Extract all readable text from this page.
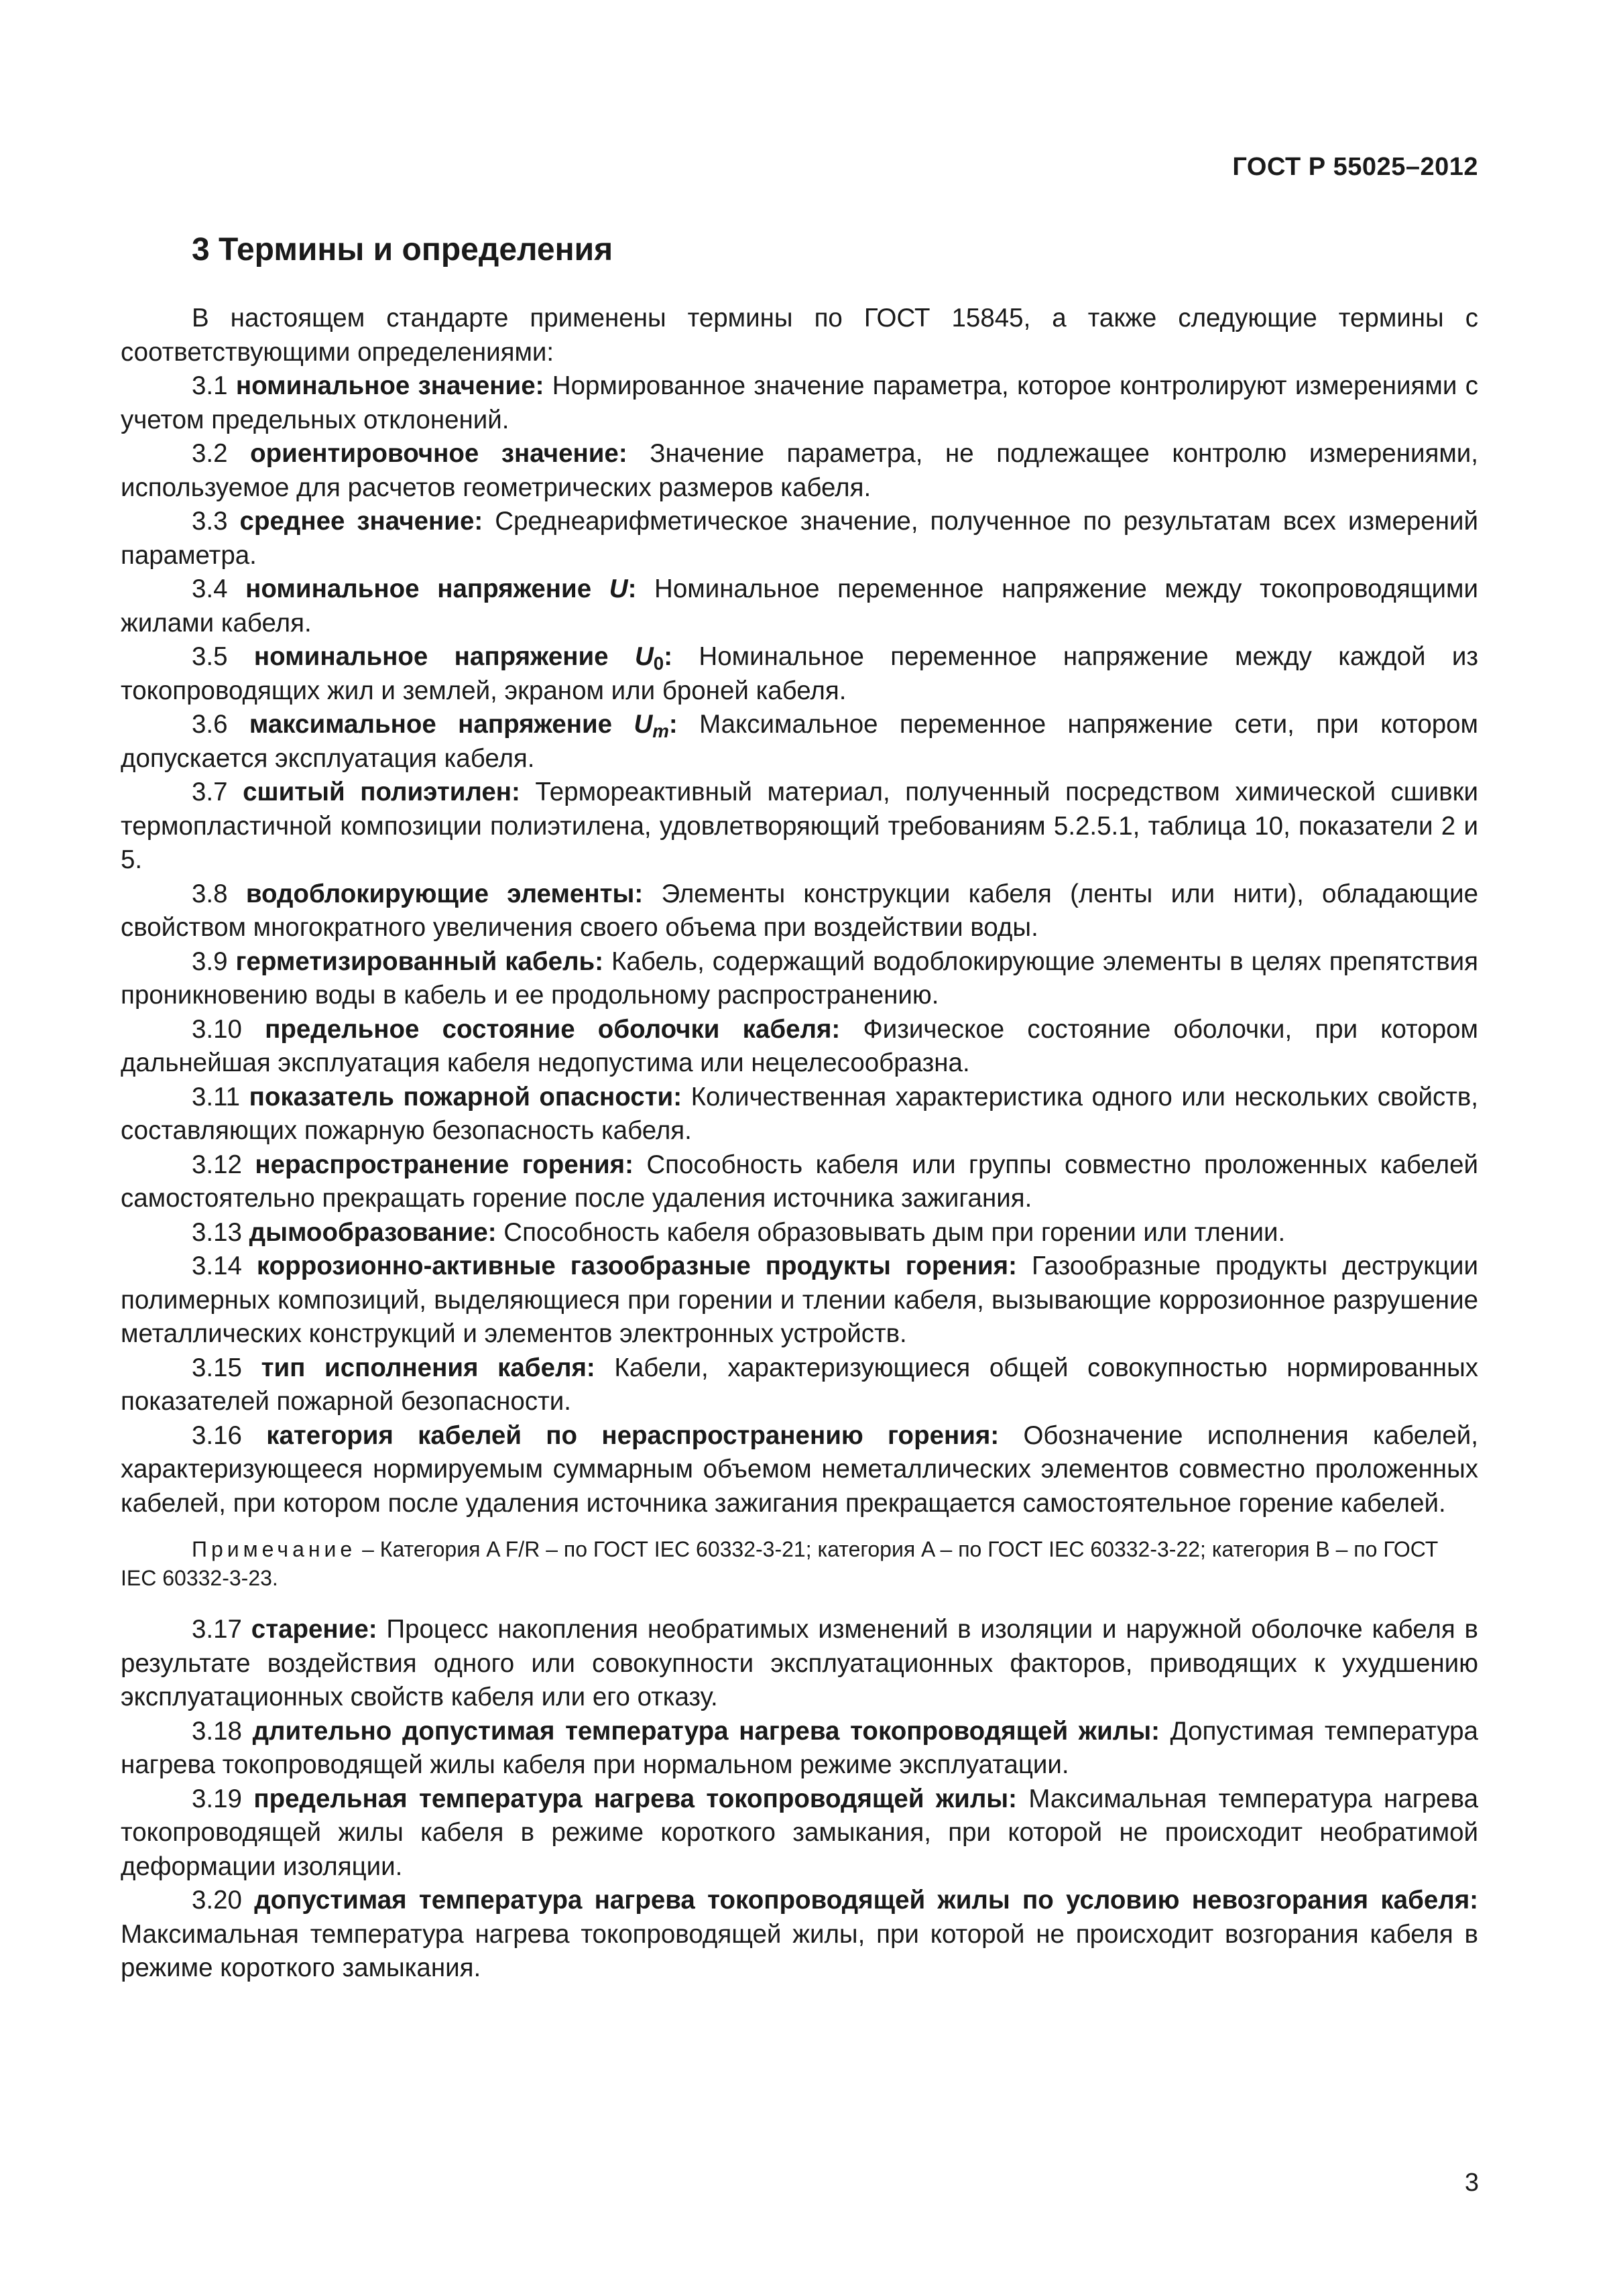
ГОСТ Р 55025–2012
3 Термины и определения

В настоящем стандарте применены термины по ГОСТ 15845, а также следующие термины с соответствующими определениями:

3.1 номинальное значение: Нормированное значение параметра, которое контролируют измерениями с учетом предельных отклонений.

3.2 ориентировочное значение: Значение параметра, не подлежащее контролю измерениями, используемое для расчетов геометрических размеров кабеля.

3.3 среднее значение: Среднеарифметическое значение, полученное по результатам всех измерений параметра.

3.4 номинальное напряжение U: Номинальное переменное напряжение между токопроводящими жилами кабеля.

3.5 номинальное напряжение $U_0$: Номинальное переменное напряжение между каждой из токопроводящих жил и землей, экраном или броней кабеля.

3.6 максимальное напряжение $U_m$: Максимальное переменное напряжение сети, при котором допускается эксплуатация кабеля.

3.7 сшитый полиэтилен: Термореактивный материал, полученный посредством химической сшивки термопластичной композиции полиэтилена, удовлетворяющий требованиям 5.2.5.1, таблица 10, показатели 2 и 5.

3.8 водоблокирующие элементы: Элементы конструкции кабеля (ленты или нити), обладающие свойством многократного увеличения своего объема при воздействии воды.

3.9 герметизированный кабель: Кабель, содержащий водоблокирующие элементы в целях препятствия проникновению воды в кабель и ее продольному распространению.

3.10 предельное состояние оболочки кабеля: Физическое состояние оболочки, при котором дальнейшая эксплуатация кабеля недопустима или нецелесообразна.

3.11 показатель пожарной опасности: Количественная характеристика одного или нескольких свойств, составляющих пожарную безопасность кабеля.

3.12 нераспространение горения: Способность кабеля или группы совместно проложенных кабелей самостоятельно прекращать горение после удаления источника зажигания.

3.13 дымообразование: Способность кабеля образовывать дым при горении или тлении.

3.14 коррозионно-активные газообразные продукты горения: Газообразные продукты деструкции полимерных композиций, выделяющиеся при горении и тлении кабеля, вызывающие коррозионное разрушение металлических конструкций и элементов электронных устройств.

3.15 тип исполнения кабеля: Кабели, характеризующиеся общей совокупностью нормированных показателей пожарной безопасности.

3.16 категория кабелей по нераспространению горения: Обозначение исполнения кабелей, характеризующееся нормируемым суммарным объемом неметаллических элементов совместно проложенных кабелей, при котором после удаления источника зажигания прекращается самостоятельное горение кабелей.

Примечание – Категория A F/R – по ГОСТ IEC 60332-3-21; категория A – по ГОСТ IEC 60332-3-22; категория B – по ГОСТ IEC 60332-3-23.

3.17 старение: Процесс накопления необратимых изменений в изоляции и наружной оболочке кабеля в результате воздействия одного или совокупности эксплуатационных факторов, приводящих к ухудшению эксплуатационных свойств кабеля или его отказу.

3.18 длительно допустимая температура нагрева токопроводящей жилы: Допустимая температура нагрева токопроводящей жилы кабеля при нормальном режиме эксплуатации.

3.19 предельная температура нагрева токопроводящей жилы: Максимальная температура нагрева токопроводящей жилы кабеля в режиме короткого замыкания, при которой не происходит необратимой деформации изоляции.

3.20 допустимая температура нагрева токопроводящей жилы по условию невозгорания кабеля: Максимальная температура нагрева токопроводящей жилы, при которой не происходит возгорания кабеля в режиме короткого замыкания.

3
